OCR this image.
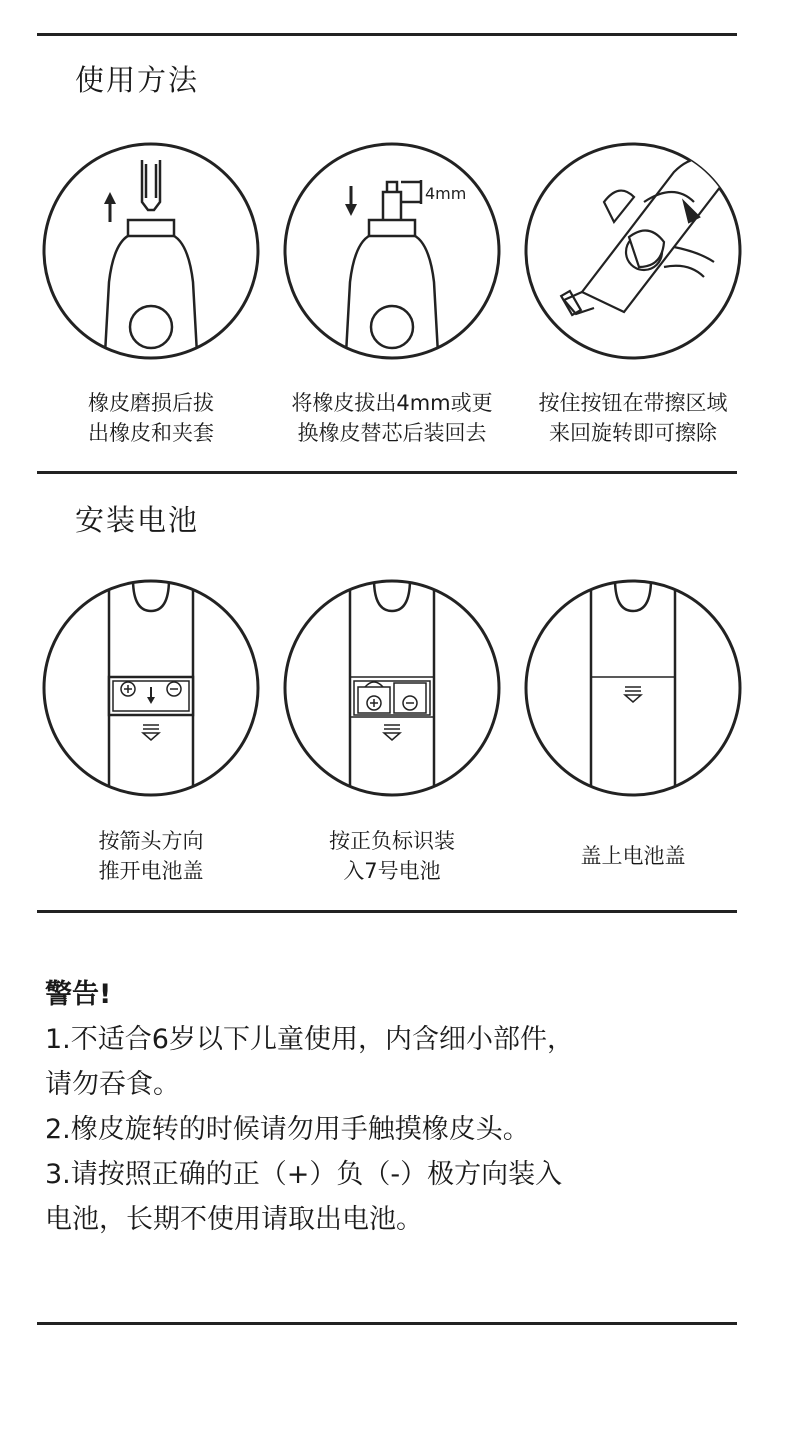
使用方法
橡皮磨损后拔
出橡皮和夹套
4mm
将橡皮拔出4mm或更
换橡皮替芯后装回去
按住按钮在带擦区域
来回旋转即可擦除
安装电池
按箭头方向
推开电池盖
按正负标识装
入7号电池
盖上电池盖

警告!

1.不适合6岁以下儿童使用，内含细小部件，

请勿吞食。

2.橡皮旋转的时候请勿用手触摸橡皮头。

3.请按照正确的正（+）负（-）极方向装入

电池，长期不使用请取出电池。
